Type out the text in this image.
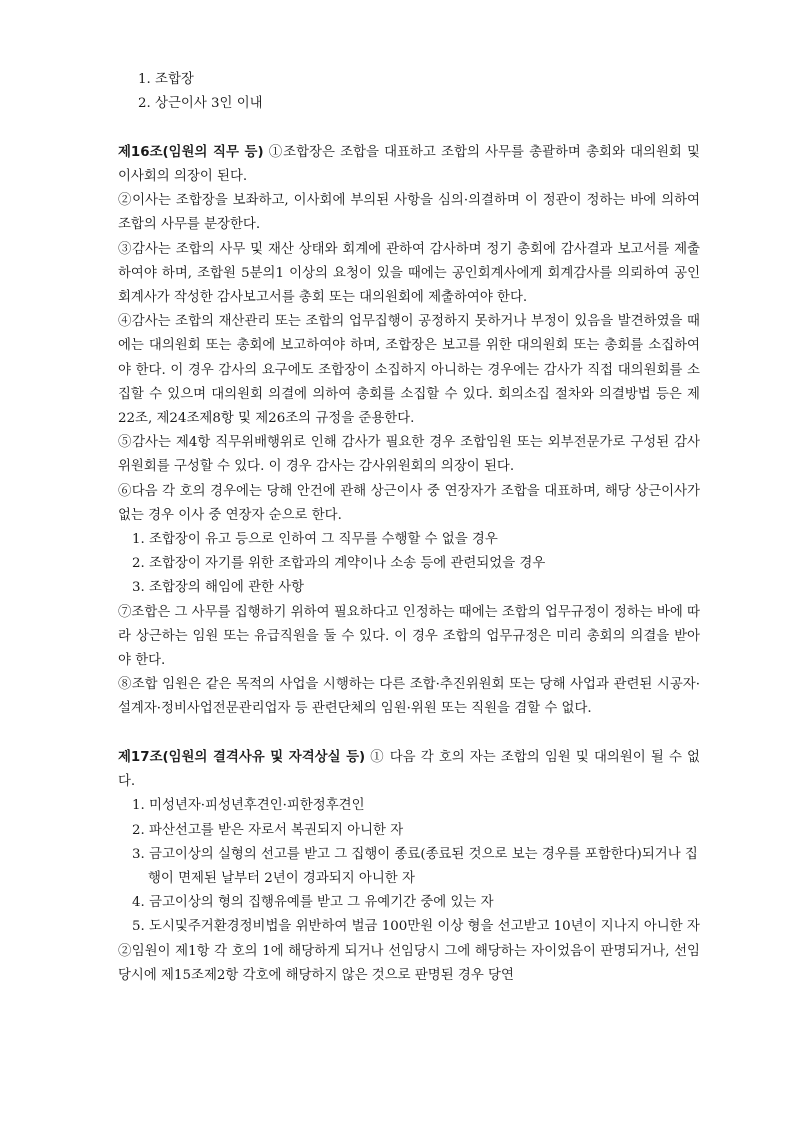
1. 조합장
2. 상근이사 3인 이내

제16조(임원의 직무 등) ①조합장은 조합을 대표하고 조합의 사무를 총괄하며 총회와 대의원회 및 이사회의 의장이 된다.

②이사는 조합장을 보좌하고, 이사회에 부의된 사항을 심의·의결하며 이 정관이 정하는 바에 의하여 조합의 사무를 분장한다.

③감사는 조합의 사무 및 재산 상태와 회계에 관하여 감사하며 정기 총회에 감사결과 보고서를 제출하여야 하며, 조합원 5분의1 이상의 요청이 있을 때에는 공인회계사에게 회계감사를 의뢰하여 공인회계사가 작성한 감사보고서를 총회 또는 대의원회에 제출하여야 한다.

④감사는 조합의 재산관리 또는 조합의 업무집행이 공정하지 못하거나 부정이 있음을 발견하였을 때에는 대의원회 또는 총회에 보고하여야 하며, 조합장은 보고를 위한 대의원회 또는 총회를 소집하여야 한다. 이 경우 감사의 요구에도 조합장이 소집하지 아니하는 경우에는 감사가 직접 대의원회를 소집할 수 있으며 대의원회 의결에 의하여 총회를 소집할 수 있다. 회의소집 절차와 의결방법 등은 제22조, 제24조제8항 및 제26조의 규정을 준용한다.

⑤감사는 제4항 직무위배행위로 인해 감사가 필요한 경우 조합임원 또는 외부전문가로 구성된 감사위원회를 구성할 수 있다. 이 경우 감사는 감사위원회의 의장이 된다.

⑥다음 각 호의 경우에는 당해 안건에 관해 상근이사 중 연장자가 조합을 대표하며, 해당 상근이사가 없는 경우 이사 중 연장자 순으로 한다.

1. 조합장이 유고 등으로 인하여 그 직무를 수행할 수 없을 경우
2. 조합장이 자기를 위한 조합과의 계약이나 소송 등에 관련되었을 경우
3. 조합장의 해임에 관한 사항

⑦조합은 그 사무를 집행하기 위하여 필요하다고 인정하는 때에는 조합의 업무규정이 정하는 바에 따라 상근하는 임원 또는 유급직원을 둘 수 있다. 이 경우 조합의 업무규정은 미리 총회의 의결을 받아야 한다.

⑧조합 임원은 같은 목적의 사업을 시행하는 다른 조합·추진위원회 또는 당해 사업과 관련된 시공자·설계자·정비사업전문관리업자 등 관련단체의 임원·위원 또는 직원을 겸할 수 없다.

제17조(임원의 결격사유 및 자격상실 등) ① 다음 각 호의 자는 조합의 임원 및 대의원이 될 수 없다.

1. 미성년자·피성년후견인·피한정후견인
2. 파산선고를 받은 자로서 복권되지 아니한 자
3. 금고이상의 실형의 선고를 받고 그 집행이 종료(종료된 것으로 보는 경우를 포함한다)되거나 집행이 면제된 날부터 2년이 경과되지 아니한 자
4. 금고이상의 형의 집행유예를 받고 그 유예기간 중에 있는 자
5. 도시및주거환경정비법을 위반하여 벌금 100만원 이상 형을 선고받고 10년이 지나지 아니한 자

②임원이 제1항 각 호의 1에 해당하게 되거나 선임당시 그에 해당하는 자이었음이 판명되거나, 선임당시에 제15조제2항 각호에 해당하지 않은 것으로 판명된 경우 당연
